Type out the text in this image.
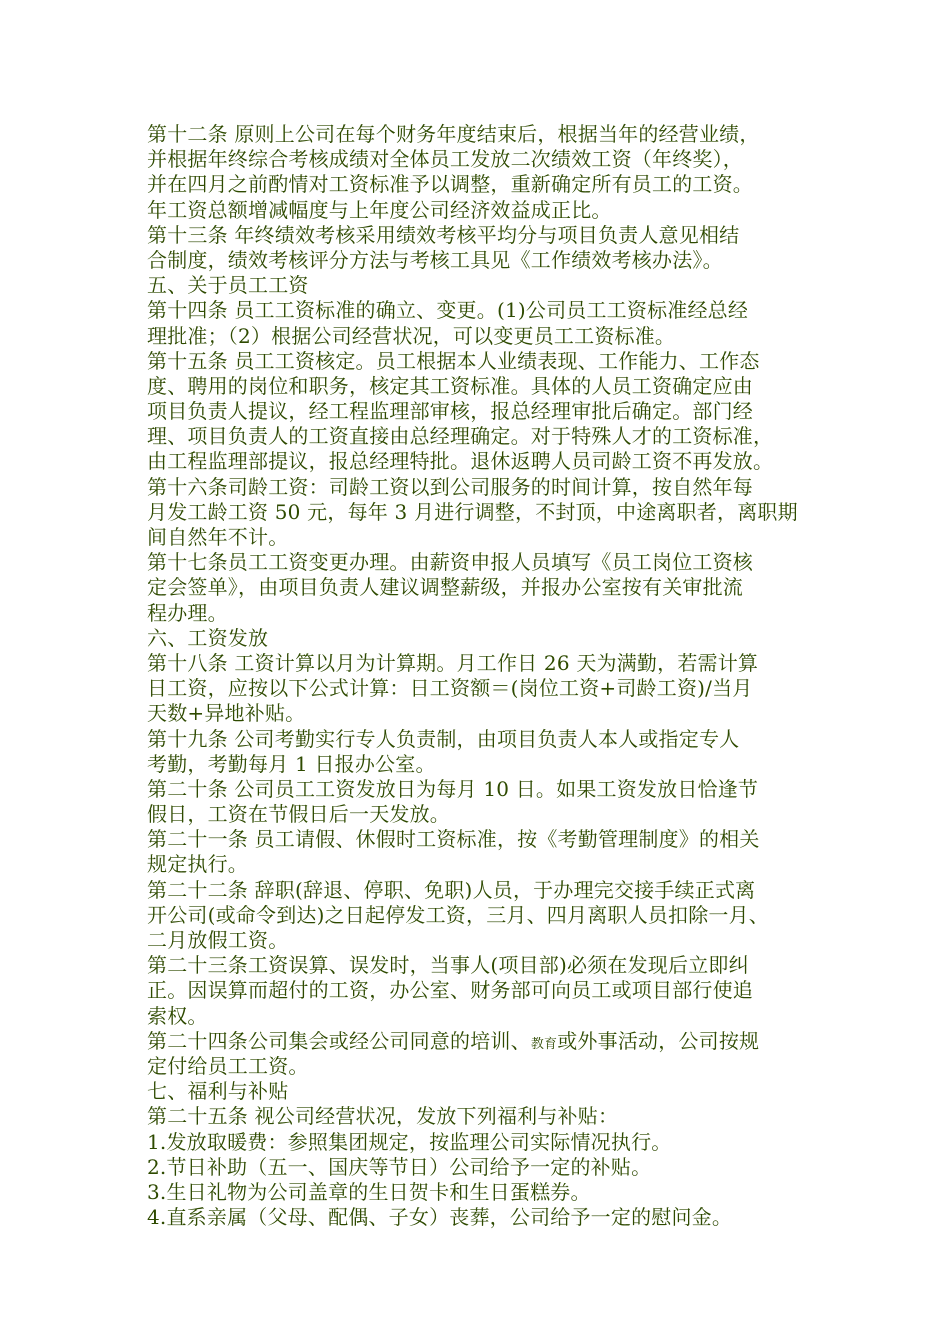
第十二条 原则上公司在每个财务年度结束后，根据当年的经营业绩，
并根据年终综合考核成绩对全体员工发放二次绩效工资（年终奖），
并在四月之前酌情对工资标准予以调整，重新确定所有员工的工资。
年工资总额增减幅度与上年度公司经济效益成正比。
第十三条 年终绩效考核采用绩效考核平均分与项目负责人意见相结
合制度，绩效考核评分方法与考核工具见《工作绩效考核办法》。
五、关于员工工资
第十四条 员工工资标准的确立、变更。(1)公司员工工资标准经总经
理批准；（2）根据公司经营状况，可以变更员工工资标准。
第十五条 员工工资核定。员工根据本人业绩表现、工作能力、工作态
度、聘用的岗位和职务，核定其工资标准。具体的人员工资确定应由
项目负责人提议，经工程监理部审核，报总经理审批后确定。部门经
理、项目负责人的工资直接由总经理确定。对于特殊人才的工资标准，
由工程监理部提议，报总经理特批。退休返聘人员司龄工资不再发放。
第十六条司龄工资：司龄工资以到公司服务的时间计算，按自然年每
月发工龄工资 50 元，每年 3 月进行调整，不封顶，中途离职者，离职期
间自然年不计。
第十七条员工工资变更办理。由薪资申报人员填写《员工岗位工资核
定会签单》，由项目负责人建议调整薪级，并报办公室按有关审批流
程办理。
六、工资发放
第十八条 工资计算以月为计算期。月工作日 26 天为满勤，若需计算
日工资，应按以下公式计算：日工资额＝(岗位工资+司龄工资)/当月
天数+异地补贴。
第十九条 公司考勤实行专人负责制，由项目负责人本人或指定专人
考勤，考勤每月 1 日报办公室。
第二十条 公司员工工资发放日为每月 10 日。如果工资发放日恰逢节
假日，工资在节假日后一天发放。
第二十一条 员工请假、休假时工资标准，按《考勤管理制度》的相关
规定执行。
第二十二条 辞职(辞退、停职、免职)人员，于办理完交接手续正式离
开公司(或命令到达)之日起停发工资，三月、四月离职人员扣除一月、
二月放假工资。
第二十三条工资误算、误发时，当事人(项目部)必须在发现后立即纠
正。因误算而超付的工资，办公室、财务部可向员工或项目部行使追
索权。
第二十四条公司集会或经公司同意的培训、教育或外事活动，公司按规
定付给员工工资。
七、福利与补贴
第二十五条 视公司经营状况，发放下列福利与补贴：
1.发放取暖费：参照集团规定，按监理公司实际情况执行。
2.节日补助（五一、国庆等节日）公司给予一定的补贴。
3.生日礼物为公司盖章的生日贺卡和生日蛋糕券。
4.直系亲属（父母、配偶、子女）丧葬，公司给予一定的慰问金。
